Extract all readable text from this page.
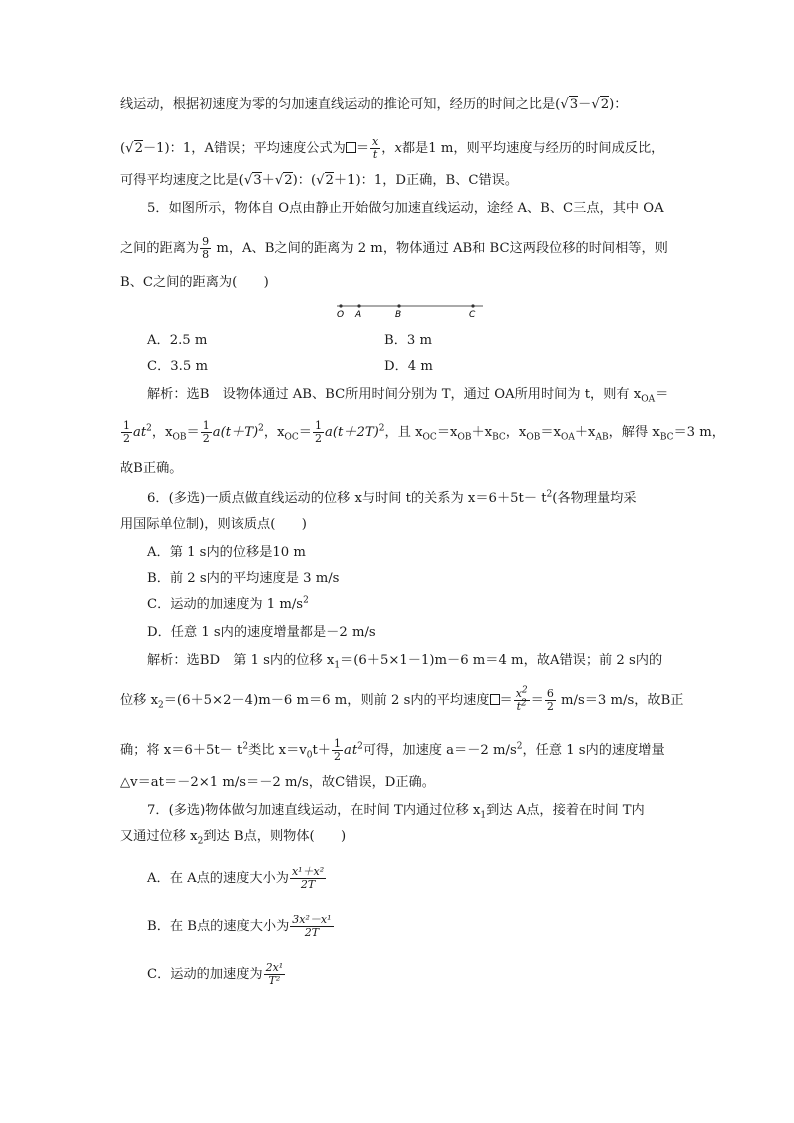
线运动，根据初速度为零的匀加速直线运动的推论可知，经历的时间之比是(√3－√2)：
(√2－1)：1，A错误；平均速度公式为 ＝ $\frac{x}{t}$ ，x都是1 m，则平均速度与经历的时间成反比，
可得平均速度之比是(√3＋√2)：(√2＋1)：1，D正确，B、C错误。
5．如图所示，物体自 O点由静止开始做匀加速直线运动，途经 A、B、C三点，其中 OA
之间的距离为 $\frac{9}{8}$ m，A、B之间的距离为 2 m，物体通过 AB和 BC这两段位移的时间相等，则
B、C之间的距离为(　　)
O A	B	C
A．2.5 m	B．3 m
C．3.5 m	D．4 m
解析：选B　设物体通过 AB、BC所用时间分别为 T，通过 OA所用时间为 t，则有 $x_{OA}=$
$\frac{1}{2} at^2$，$x_{OB}= \frac{1}{2} a(t+T)^2$，$x_{OC}= \frac{1}{2} a(t+2T)^2$，且 $x_{OC}=x_{OB}+x_{BC}$，$x_{OB}=x_{OA}+x_{AB}$，解得 $x_{BC}=3$ m，
故B正确。
6．(多选)一质点做直线运动的位移 x与时间 t的关系为 $x=6+5t- t^2$(各物理量均采
用国际单位制)，则该质点(　　)
A．第 1 s内的位移是10 m
B．前 2 s内的平均速度是 3 m/s
C．运动的加速度为 1 $m/s^2$
D．任意 1 s内的速度增量都是－2 m/s
解析：选BD　第 1 s内的位移 $x_1=(6+5\times 1-1)m-6$ m＝4 m，故A错误；前 2 s内的
位移 $x_2=(6+5\times 2-4)m-6$ m＝6 m，则前 2 s内的平均速度 ＝ $\frac{x^2}{t^2} = \frac{6}{2} m/s=3$ m/s，故B正
确；将 $x=6+5t- t^2$类比 $x=v_0t+ \frac{1}{2} at^2$可得，加速度 a＝－2 $m/s^2$，任意 1 s内的速度增量
△v＝at＝－2×1 m/s＝－2 m/s，故C错误，D正确。
7．(多选)物体做匀加速直线运动，在时间 T内通过位移 $x_1$到达 A点，接着在时间 T内
又通过位移 $x_2$到达 B点，则物体(　　)
A．在 A点的速度大小为 $\frac{\text{x¹＋x²}}{2T}$
B．在 B点的速度大小为 $\frac{\text{3x²－x¹}}{2T}$
C．运动的加速度为 $\frac{\text{2x¹}}{\text{T²}}$
